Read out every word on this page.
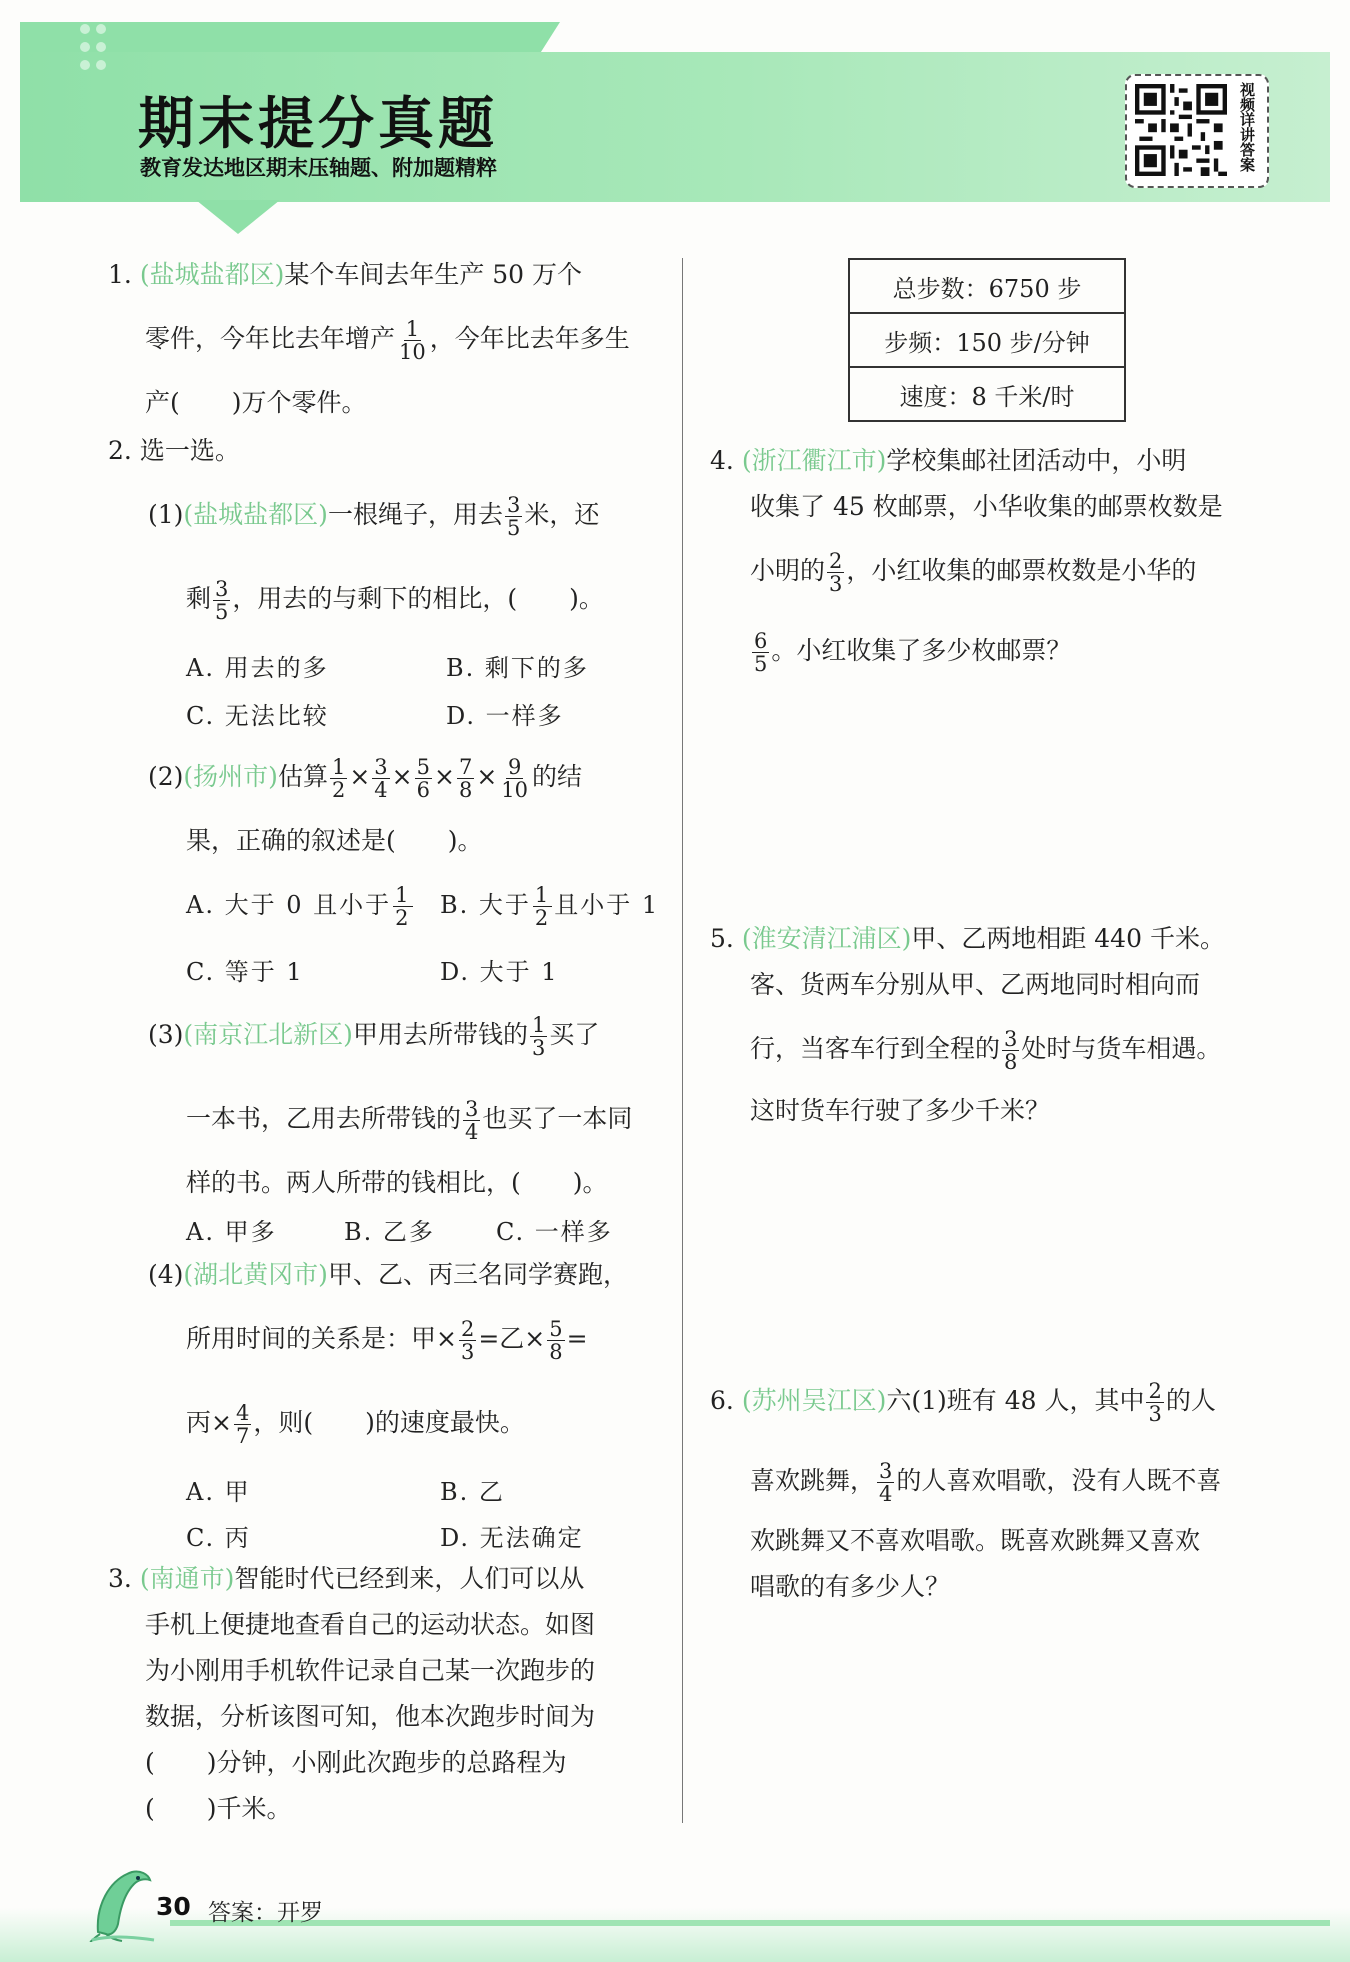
期末提分真题
教育发达地区期末压轴题、附加题精粹	视频详讲答案
1. (盐城盐都区)某个车间去年生产 50 万个
零件，今年比去年增产 $\frac{1}{10}$ ，今年比去年多生
产( )万个零件。
2. 选一选。
(1)(盐城盐都区)一根绳子，用去 $\frac{3}{5}$ 米，还
剩 $\frac{3}{5}$ ，用去的与剩下的相比，( )。
A. 用去的多	B. 剩下的多
C. 无法比较	D. 一样多
(2)(扬州市)估算 $\frac{1}{2} \times \frac{3}{4} \times \frac{5}{6} \times \frac{7}{8} \times \frac{9}{10}$ 的结
果，正确的叙述是( )。
A. 大于 0 且小于 $\frac{1}{2} B$. 大于 $\frac{1}{2}$ 且小于 1
C. 等于 1	D. 大于 1
(3)(南京江北新区)甲用去所带钱的 $\frac{1}{3}$ 买了
一本书，乙用去所带钱的 $\frac{3}{4}$ 也买了一本同
样的书。两人所带的钱相比，( )。
A. 甲多	B. 乙多	C. 一样多
(4)(湖北黄冈市)甲、乙、丙三名同学赛跑，
所用时间的关系是：甲× $\frac{2}{3}$ =乙× $\frac{5}{8}$ =
丙× $\frac{4}{7}$ ，则( )的速度最快。
A. 甲	B. 乙
C. 丙	D. 无法确定
3. (南通市)智能时代已经到来，人们可以从
手机上便捷地查看自己的运动状态。如图
为小刚用手机软件记录自己某一次跑步的
数据，分析该图可知，他本次跑步时间为
( )分钟，小刚此次跑步的总路程为
( )千米。
总步数：6750 步
步频：150 步/分钟
速度：8 千米/时
4. (浙江衢江市)学校集邮社团活动中，小明
收集了 45 枚邮票，小华收集的邮票枚数是
小明的 $\frac{2}{3}$ ，小红收集的邮票枚数是小华的
$\frac{6}{5}$ 。小红收集了多少枚邮票？
5. (淮安清江浦区)甲、乙两地相距 440 千米。
客、货两车分别从甲、乙两地同时相向而
行，当客车行到全程的 $\frac{3}{8}$ 处时与货车相遇。
这时货车行驶了多少千米？
6. (苏州吴江区)六(1)班有 48 人，其中 $\frac{2}{3}$ 的人
喜欢跳舞， $\frac{3}{4}$ 的人喜欢唱歌，没有人既不喜
欢跳舞又不喜欢唱歌。既喜欢跳舞又喜欢
唱歌的有多少人？
30 答案：开罗
